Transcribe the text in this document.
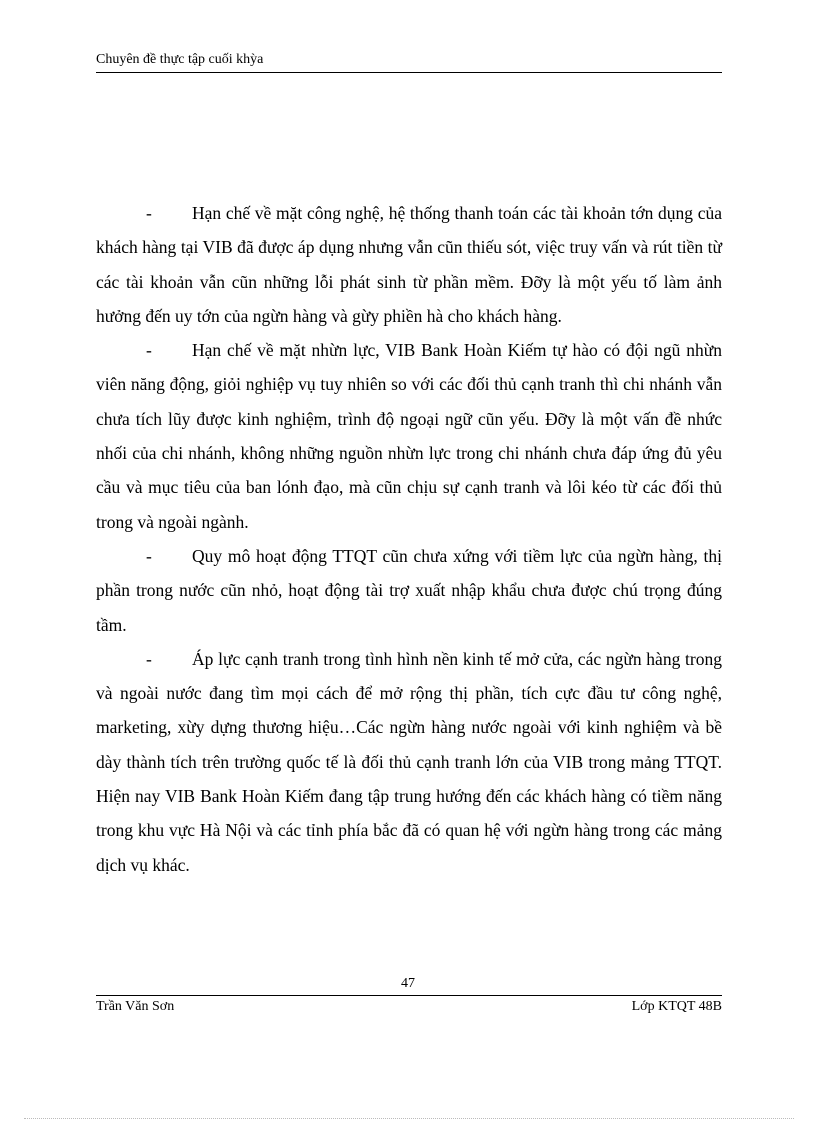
Chuyên đề thực tập cuối khỳa
-	Hạn chế về mặt công nghệ, hệ thống thanh toán các tài khoản tớn dụng của khách hàng tại VIB đã được áp dụng nhưng vẫn cũn thiếu sót, việc truy vấn và rút tiền từ các tài khoản vẫn cũn những lỗi phát sinh từ phần mềm. Đỡy là một yếu tố làm ảnh hưởng đến uy tớn của ngừn hàng và gừy phiền hà cho khách hàng.
-	Hạn chế về mặt nhừn lực, VIB Bank Hoàn Kiếm tự hào có đội ngũ nhừn viên năng động, giỏi nghiệp vụ tuy nhiên so với các đối thủ cạnh tranh thì chi nhánh vẫn chưa tích lũy được kinh nghiệm, trình độ ngoại ngữ cũn yếu. Đỡy là một vấn đề nhức nhối của chi nhánh, không những nguồn nhừn lực trong chi nhánh chưa đáp ứng đủ yêu cầu và mục tiêu của ban lónh đạo, mà cũn chịu sự cạnh tranh và lôi kéo từ các đối thủ trong và ngoài ngành.
-	Quy mô hoạt động TTQT cũn chưa xứng với tiềm lực của ngừn hàng, thị phần trong nước cũn nhỏ, hoạt động tài trợ xuất nhập khẩu chưa được chú trọng đúng tầm.
-	Áp lực cạnh tranh trong tình hình nền kinh tế mở cửa, các ngừn hàng trong và ngoài nước đang tìm mọi cách để mở rộng thị phần, tích cực đầu tư công nghệ, marketing, xừy dựng thương hiệu…Các ngừn hàng nước ngoài với kinh nghiệm và bề dày thành tích trên trường quốc tế là đối thủ cạnh tranh lớn của VIB trong mảng TTQT. Hiện nay VIB Bank Hoàn Kiếm đang tập trung hướng đến các khách hàng có tiềm năng trong khu vực Hà Nội và các tỉnh phía bắc đã có quan hệ với ngừn hàng trong các mảng dịch vụ khác.
47
Trần Văn Sơn	Lớp KTQT 48B
